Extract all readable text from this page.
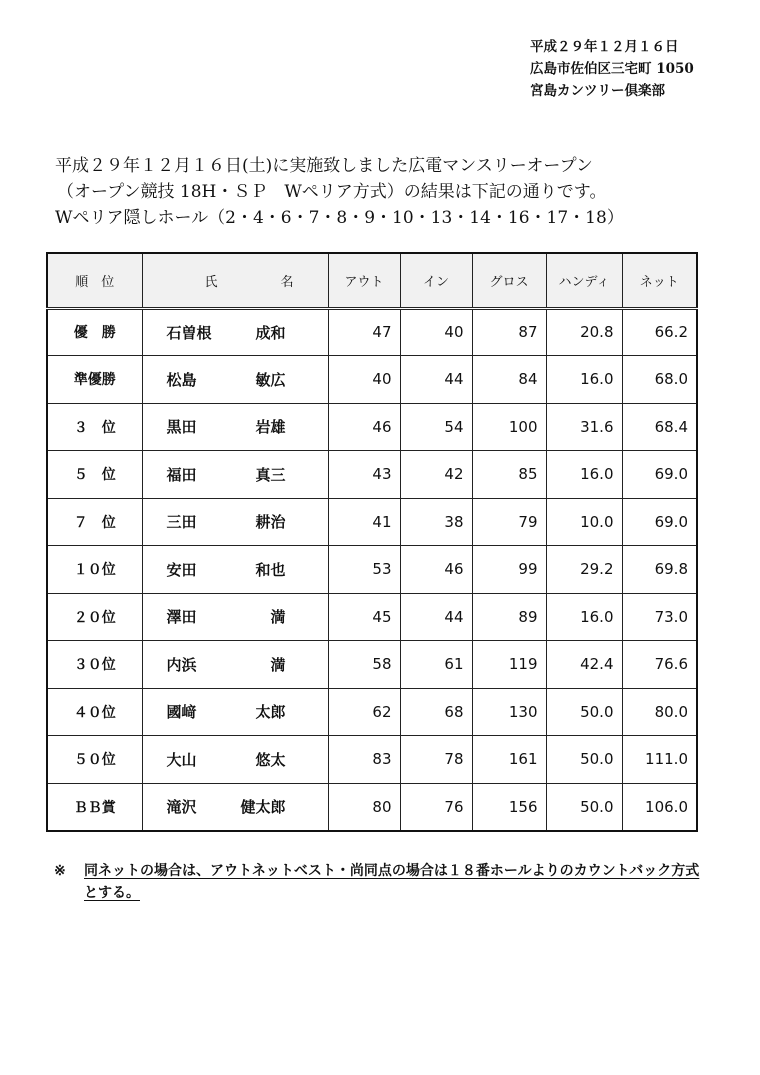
平成２９年１２月１６日
広島市佐伯区三宅町 1050
宮島カンツリー倶楽部
平成２９年１２月１６日(土)に実施致しました広電マンスリーオープン
（オープン競技 18H・ＳＰ　Wペリア方式）の結果は下記の通りです。
Wペリア隠しホール（2・4・6・7・8・9・10・13・14・16・17・18）
順　位	氏 名	アウト	イン	グロス	ハンディ	ネット
優　勝	石曽根 成和	47	40	87	20.8	66.2
準優勝	松島 敏広	40	44	84	16.0	68.0
３　位	黒田 岩雄	46	54	100	31.6	68.4
５　位	福田 真三	43	42	85	16.0	69.0
７　位	三田 耕治	41	38	79	10.0	69.0
１０位	安田 和也	53	46	99	29.2	69.8
２０位	澤田 満	45	44	89	16.0	73.0
３０位	内浜 満	58	61	119	42.4	76.6
４０位	國﨑 太郎	62	68	130	50.0	80.0
５０位	大山 悠太	83	78	161	50.0	111.0
ＢＢ賞	滝沢 健太郎	80	76	156	50.0	106.0
※ 同ネットの場合は、アウトネットベスト・尚同点の場合は１８番ホールよりのカウントバック方式とする。
